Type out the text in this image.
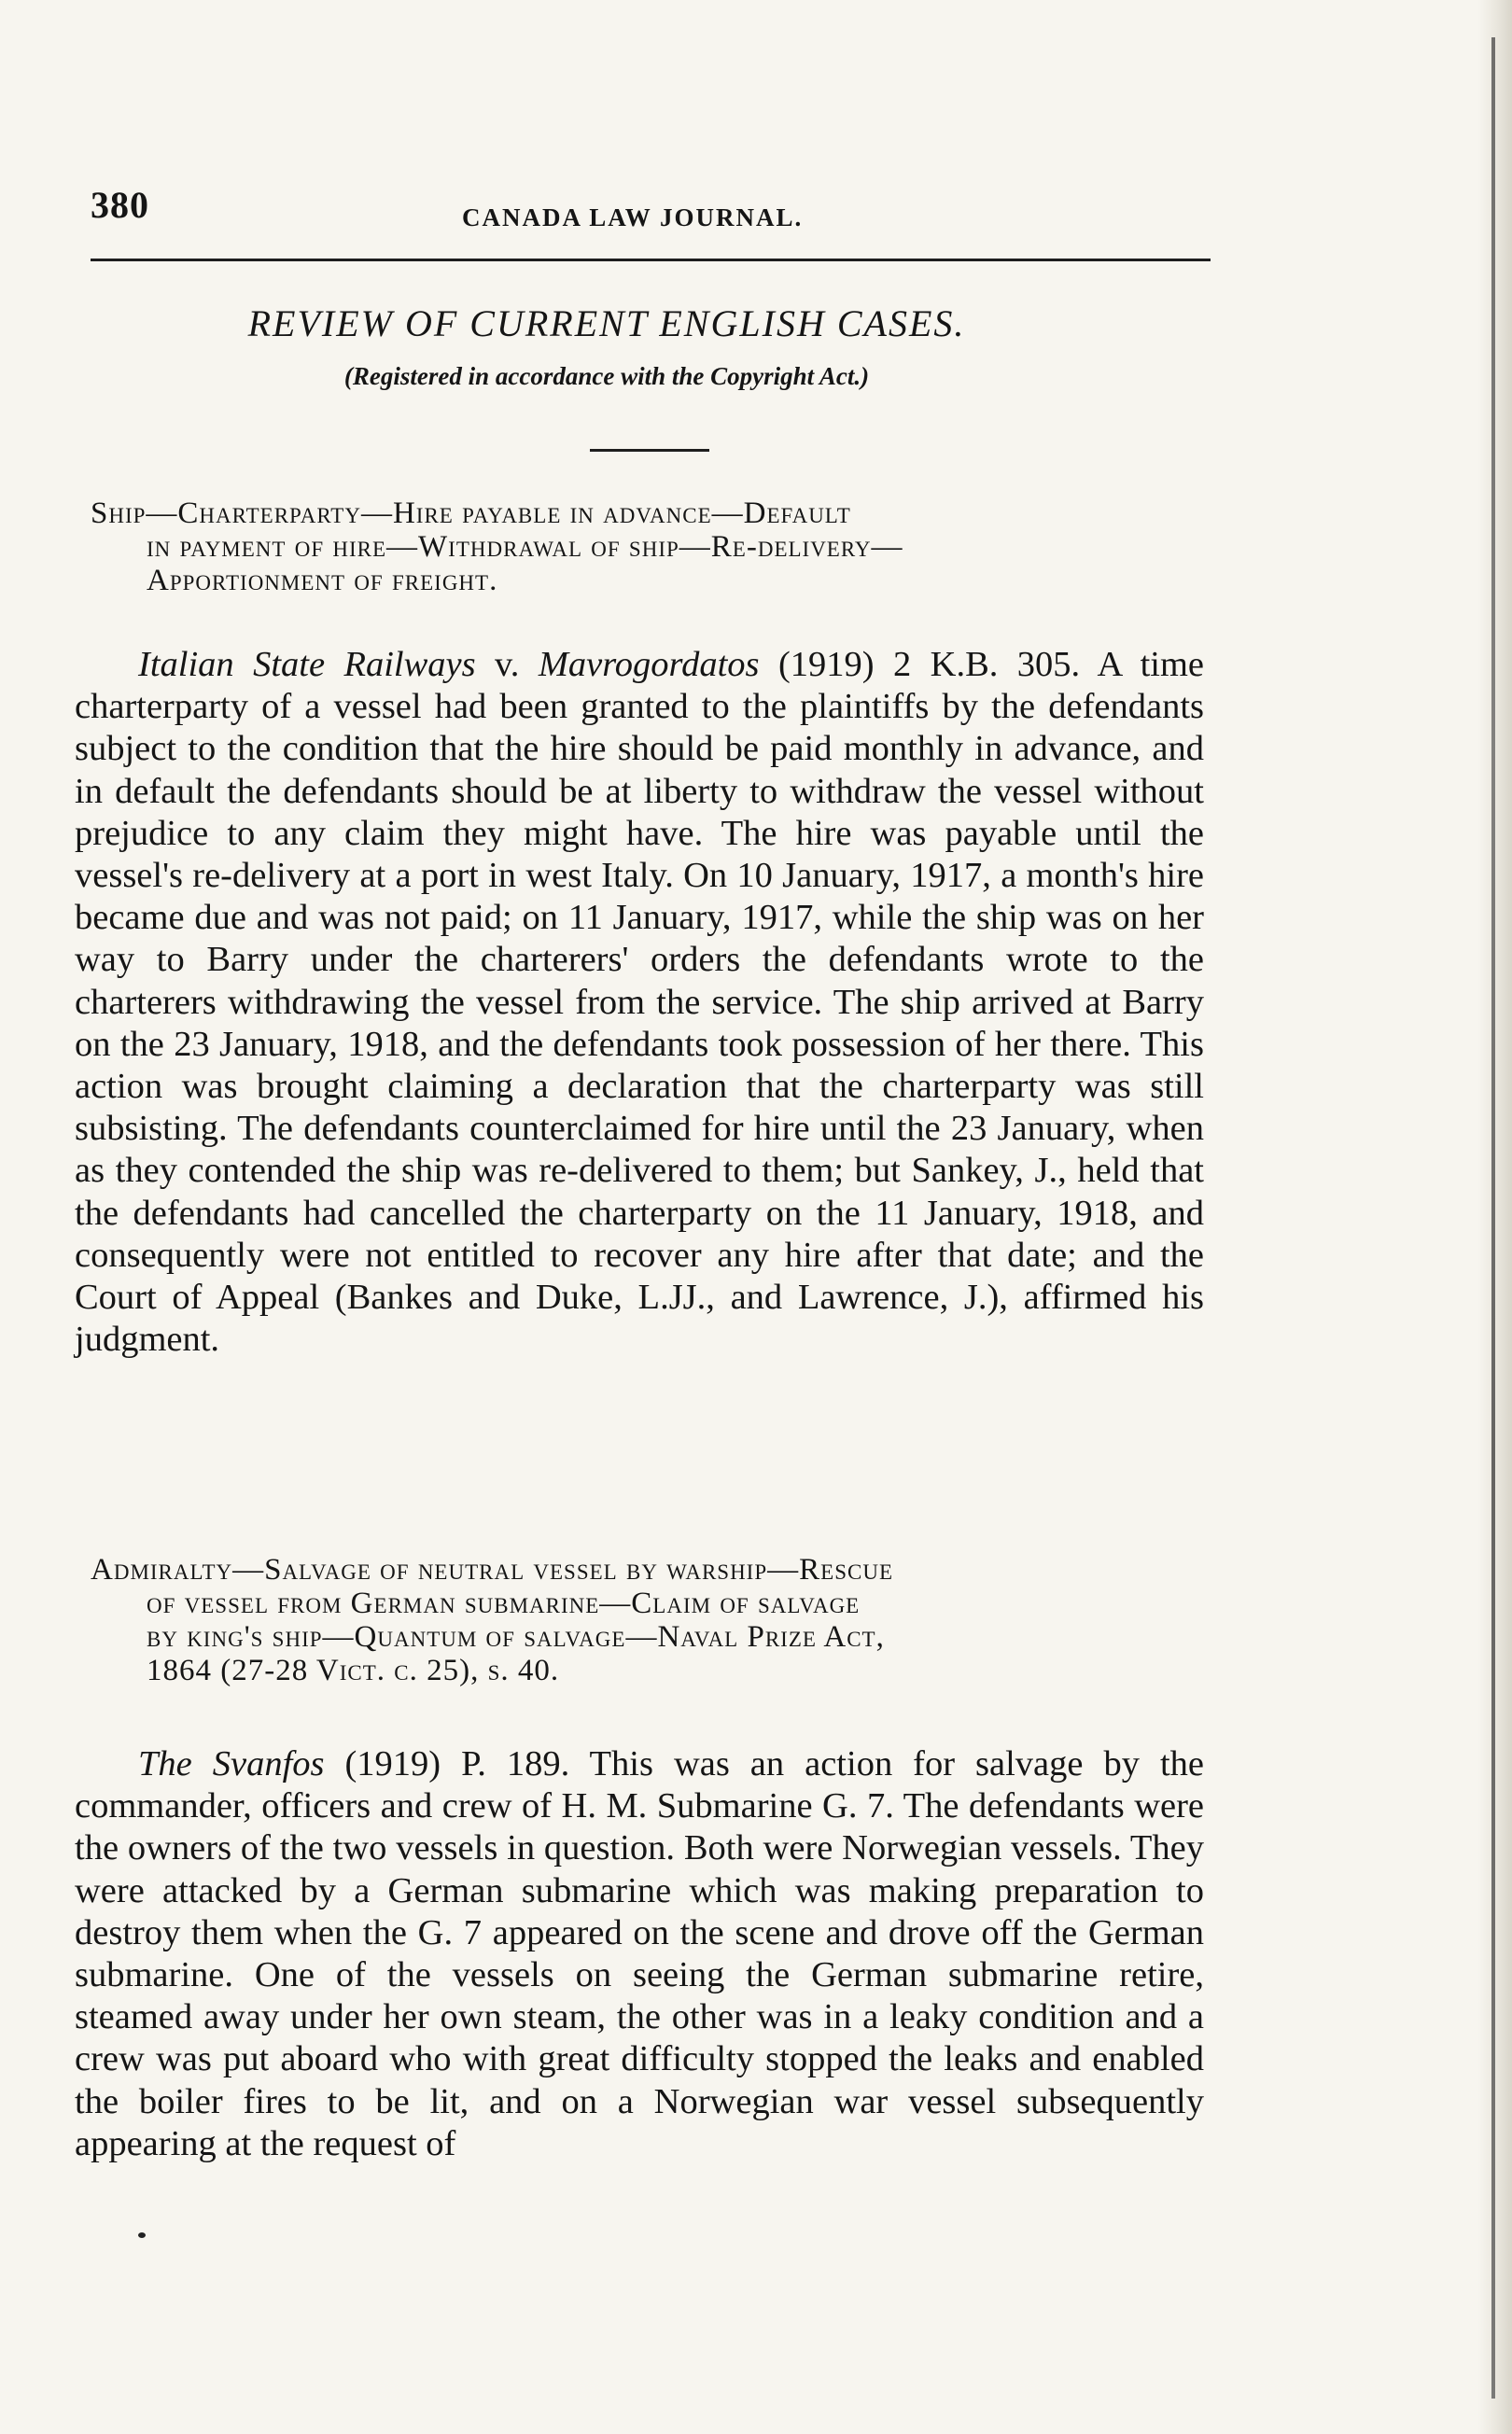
380	CANADA LAW JOURNAL.
REVIEW OF CURRENT ENGLISH CASES.
(Registered in accordance with the Copyright Act.)
Ship—Charterparty—Hire payable in advance—Default
in payment of hire—Withdrawal of ship—Re-delivery—
Apportionment of freight.
Italian State Railways v. Mavrogordatos (1919) 2 K.B. 305. A time charterparty of a vessel had been granted to the plaintiffs by the defendants subject to the condition that the hire should be paid monthly in advance, and in default the defendants should be at liberty to withdraw the vessel without prejudice to any claim they might have. The hire was payable until the vessel's re-delivery at a port in west Italy. On 10 January, 1917, a month's hire became due and was not paid; on 11 January, 1917, while the ship was on her way to Barry under the charterers' orders the defendants wrote to the charterers withdrawing the vessel from the service. The ship arrived at Barry on the 23 January, 1918, and the defendants took possession of her there. This action was brought claiming a declaration that the charterparty was still subsisting. The defendants counterclaimed for hire until the 23 January, when as they contended the ship was re-delivered to them; but Sankey, J., held that the defendants had cancelled the charterparty on the 11 January, 1918, and consequently were not entitled to recover any hire after that date; and the Court of Appeal (Bankes and Duke, L.JJ., and Lawrence, J.), affirmed his judgment.
Admiralty—Salvage of neutral vessel by warship—Rescue
of vessel from German submarine—Claim of salvage
by king's ship—Quantum of salvage—Naval Prize Act,
1864 (27-28 Vict. c. 25), s. 40.
The Svanfos (1919) P. 189. This was an action for salvage by the commander, officers and crew of H. M. Submarine G. 7. The defendants were the owners of the two vessels in question. Both were Norwegian vessels. They were attacked by a German submarine which was making preparation to destroy them when the G. 7 appeared on the scene and drove off the German submarine. One of the vessels on seeing the German submarine retire, steamed away under her own steam, the other was in a leaky condition and a crew was put aboard who with great difficulty stopped the leaks and enabled the boiler fires to be lit, and on a Norwegian war vessel subsequently appearing at the request of
